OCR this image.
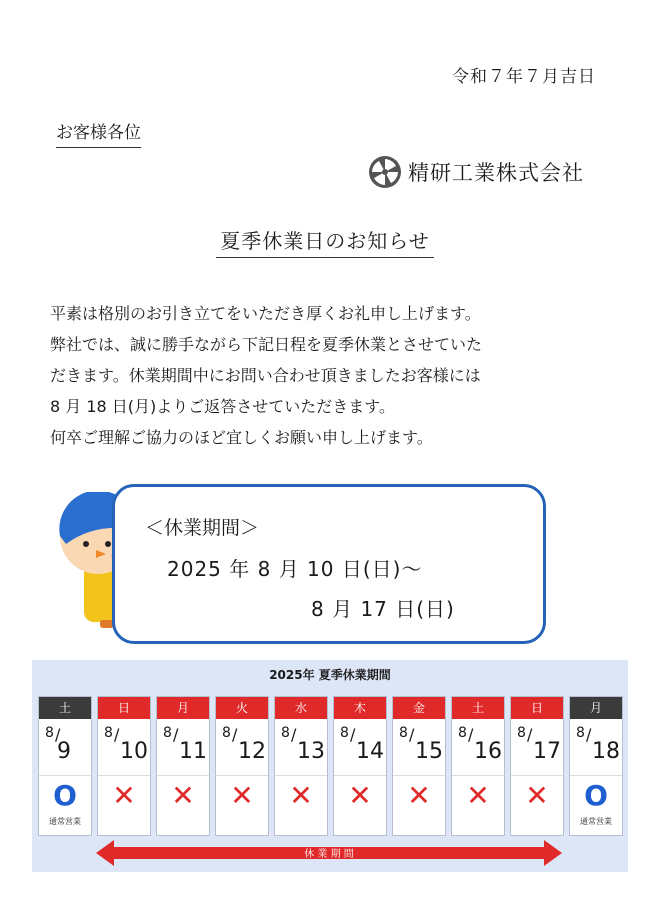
令和７年７月吉日
お客様各位
精研工業株式会社
夏季休業日のお知らせ
平素は格別のお引き立てをいただき厚くお礼申し上げます。
弊社では、誠に勝手ながら下記日程を夏季休業とさせていた
だきます。休業期間中にお問い合わせ頂きましたお客様には
8 月 18 日(月)よりご返答させていただきます。
何卒ご理解ご協力のほど宜しくお願い申し上げます。
＜休業期間＞
2025 年 8 月 10 日(日)～
8 月 17 日(日)
2025年 夏季休業期間
土
8 /
9
O
通常営業
日
8 /
10
✕
月
8 /
11
✕
火
8 /
12
✕
水
8 /
13
✕
木
8 /
14
✕
金
8 /
15
✕
土
8 /
16
✕
日
8 /
17
✕
月
8 /
18
O
通常営業
休 業 期 間
